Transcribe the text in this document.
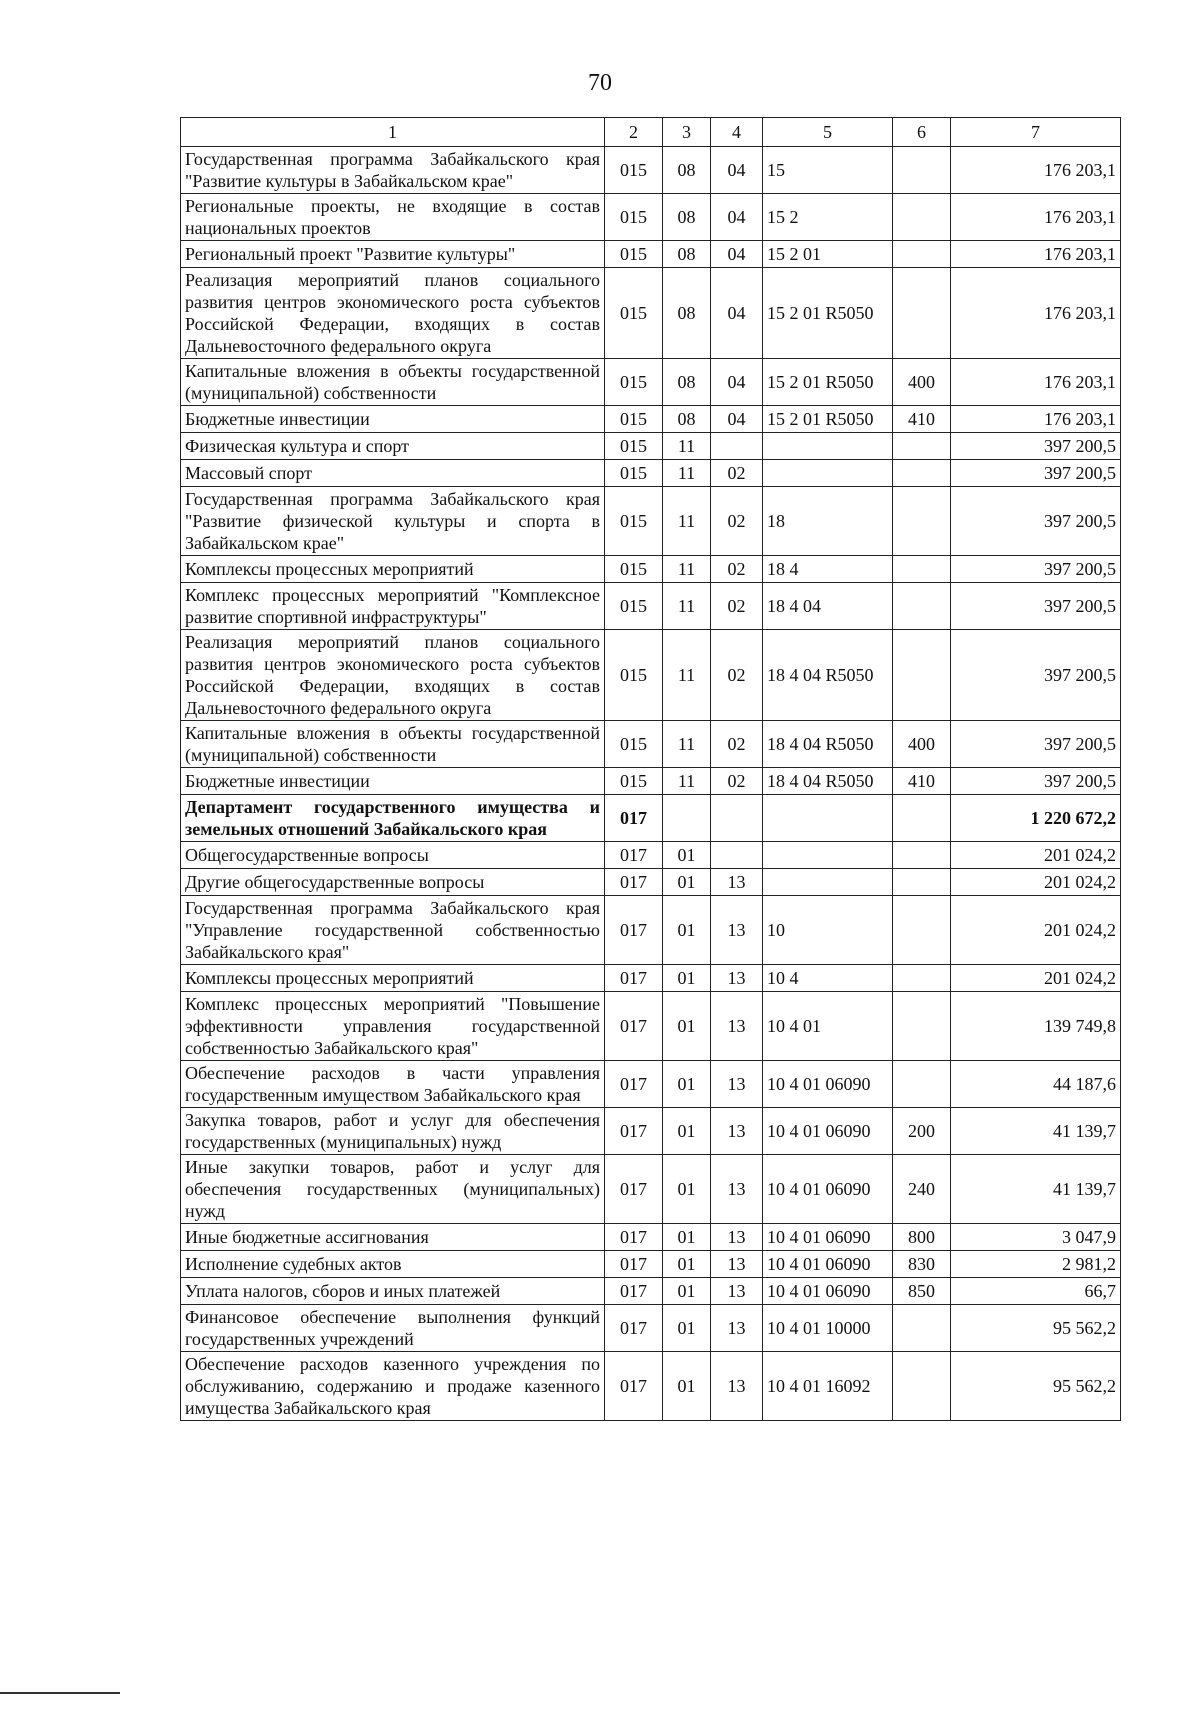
70
1	2	3	4	5	6	7
Государственная программа Забайкальского края "Развитие культуры в Забайкальском крае"	015	08	04	15		176 203,1
Региональные проекты, не входящие в состав национальных проектов	015	08	04	15 2		176 203,1
Региональный проект "Развитие культуры"	015	08	04	15 2 01		176 203,1
Реализация мероприятий планов социального развития центров экономического роста субъектов Российской Федерации, входящих в состав Дальневосточного федерального округа	015	08	04	15 2 01 R5050		176 203,1
Капитальные вложения в объекты государственной (муниципальной) собственности	015	08	04	15 2 01 R5050	400	176 203,1
Бюджетные инвестиции	015	08	04	15 2 01 R5050	410	176 203,1
Физическая культура и спорт	015	11				397 200,5
Массовый спорт	015	11	02			397 200,5
Государственная программа Забайкальского края "Развитие физической культуры и спорта в Забайкальском крае"	015	11	02	18		397 200,5
Комплексы процессных мероприятий	015	11	02	18 4		397 200,5
Комплекс процессных мероприятий "Комплексное развитие спортивной инфраструктуры"	015	11	02	18 4 04		397 200,5
Реализация мероприятий планов социального развития центров экономического роста субъектов Российской Федерации, входящих в состав Дальневосточного федерального округа	015	11	02	18 4 04 R5050		397 200,5
Капитальные вложения в объекты государственной (муниципальной) собственности	015	11	02	18 4 04 R5050	400	397 200,5
Бюджетные инвестиции	015	11	02	18 4 04 R5050	410	397 200,5
Департамент государственного имущества и земельных отношений Забайкальского края	017					1 220 672,2
Общегосударственные вопросы	017	01				201 024,2
Другие общегосударственные вопросы	017	01	13			201 024,2
Государственная программа Забайкальского края "Управление государственной собственностью Забайкальского края"	017	01	13	10		201 024,2
Комплексы процессных мероприятий	017	01	13	10 4		201 024,2
Комплекс процессных мероприятий "Повышение эффективности управления государственной собственностью Забайкальского края"	017	01	13	10 4 01		139 749,8
Обеспечение расходов в части управления государственным имуществом Забайкальского края	017	01	13	10 4 01 06090		44 187,6
Закупка товаров, работ и услуг для обеспечения государственных (муниципальных) нужд	017	01	13	10 4 01 06090	200	41 139,7
Иные закупки товаров, работ и услуг для обеспечения государственных (муниципальных) нужд	017	01	13	10 4 01 06090	240	41 139,7
Иные бюджетные ассигнования	017	01	13	10 4 01 06090	800	3 047,9
Исполнение судебных актов	017	01	13	10 4 01 06090	830	2 981,2
Уплата налогов, сборов и иных платежей	017	01	13	10 4 01 06090	850	66,7
Финансовое обеспечение выполнения функций государственных учреждений	017	01	13	10 4 01 10000		95 562,2
Обеспечение расходов казенного учреждения по обслуживанию, содержанию и продаже казенного имущества Забайкальского края	017	01	13	10 4 01 16092		95 562,2
